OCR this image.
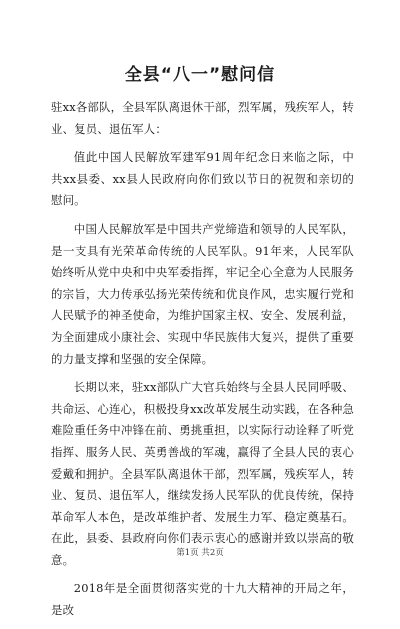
全县“八一”慰问信

驻xx各部队，全县军队离退休干部，烈军属，残疾军人，转业、复员、退伍军人：

值此中国人民解放军建军91周年纪念日来临之际，中共xx县委、xx县人民政府向你们致以节日的祝贺和亲切的慰问。

中国人民解放军是中国共产党缔造和领导的人民军队，是一支具有光荣革命传统的人民军队。91年来，人民军队始终听从党中央和中央军委指挥，牢记全心全意为人民服务的宗旨，大力传承弘扬光荣传统和优良作风，忠实履行党和人民赋予的神圣使命，为维护国家主权、安全、发展利益，为全面建成小康社会、实现中华民族伟大复兴，提供了重要的力量支撑和坚强的安全保障。

长期以来，驻xx部队广大官兵始终与全县人民同呼吸、共命运、心连心，积极投身xx改革发展生动实践，在各种急难险重任务中冲锋在前、勇挑重担，以实际行动诠释了听党指挥、服务人民、英勇善战的军魂，赢得了全县人民的衷心爱戴和拥护。全县军队离退休干部，烈军属，残疾军人，转业、复员、退伍军人，继续发扬人民军队的优良传统，保持革命军人本色，是改革维护者、发展生力军、稳定奠基石。在此，县委、县政府向你们表示衷心的感谢并致以崇高的敬意。

2018年是全面贯彻落实党的十九大精神的开局之年，是改

第1页 共2页
